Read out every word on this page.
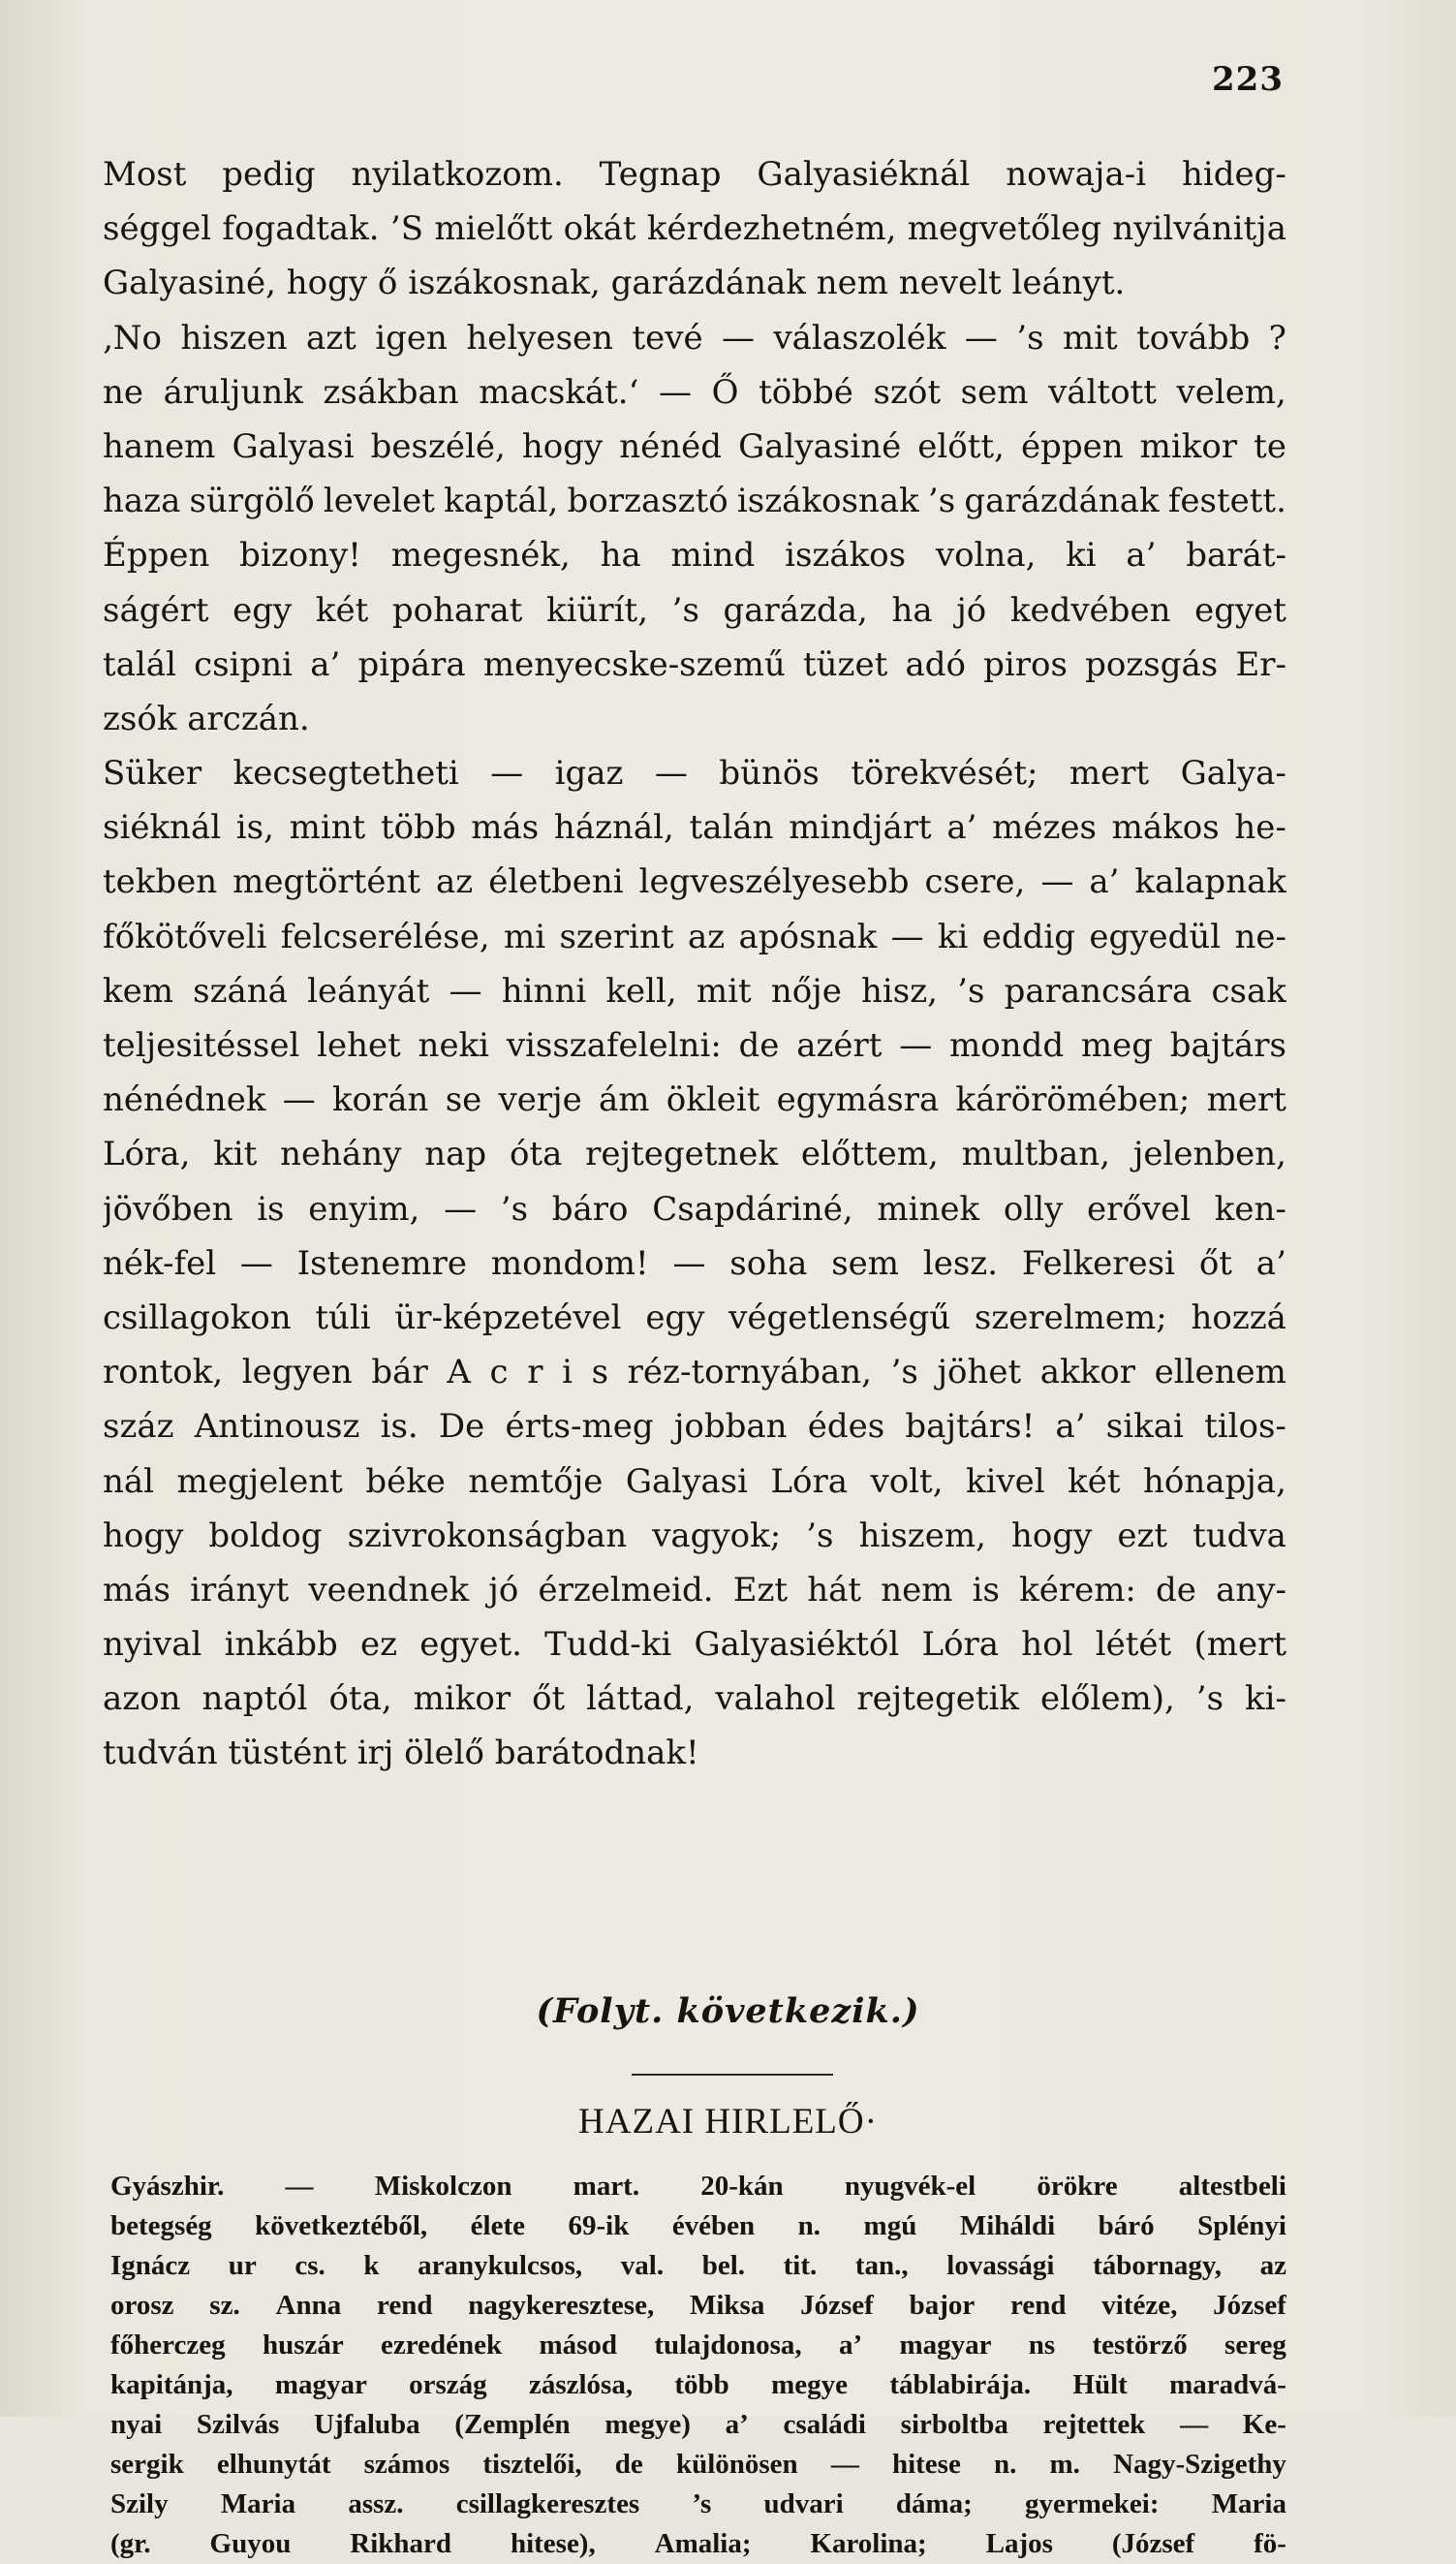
223
Most pedig nyilatkozom. Tegnap Galyasiéknál nowaja-i hideg-
séggel fogadtak. ’S mielőtt okát kérdezhetném, megvetőleg nyilvánitja
Galyasiné, hogy ő iszákosnak, garázdának nem nevelt leányt.
‚No hiszen azt igen helyesen tevé — válaszolék — ’s mit tovább ?
ne áruljunk zsákban macskát.‘ — Ő többé szót sem váltott velem,
hanem Galyasi beszélé, hogy nénéd Galyasiné előtt, éppen mikor te
haza sürgölő levelet kaptál, borzasztó iszákosnak ’s garázdának festett.
Éppen bizony! megesnék, ha mind iszákos volna, ki a’ barát-
ságért egy két poharat kiürít, ’s garázda, ha jó kedvében egyet
talál csipni a’ pipára menyecske-szemű tüzet adó piros pozsgás Er-
zsók arczán.
Süker kecsegtetheti — igaz — bünös törekvését; mert Galya-
siéknál is, mint több más háznál, talán mindjárt a’ mézes mákos he-
tekben megtörtént az életbeni legveszélyesebb csere, — a’ kalapnak
főkötőveli felcserélése, mi szerint az apósnak — ki eddig egyedül ne-
kem száná leányát — hinni kell, mit nője hisz, ’s parancsára csak
teljesitéssel lehet neki visszafelelni: de azért — mondd meg bajtárs
nénédnek — korán se verje ám ökleit egymásra kárörömében; mert
Lóra, kit nehány nap óta rejtegetnek előttem, multban, jelenben,
jövőben is enyim, — ’s báro Csapdáriné, minek olly erővel ken-
nék-fel — Istenemre mondom! — soha sem lesz. Felkeresi őt a’
csillagokon túli ür-képzetével egy végetlenségű szerelmem; hozzá
rontok, legyen bár A c r i s réz-tornyában, ’s jöhet akkor ellenem
száz Antinousz is. De érts-meg jobban édes bajtárs! a’ sikai tilos-
nál megjelent béke nemtője Galyasi Lóra volt, kivel két hónapja,
hogy boldog szivrokonságban vagyok; ’s hiszem, hogy ezt tudva
más irányt veendnek jó érzelmeid. Ezt hát nem is kérem: de any-
nyival inkább ez egyet. Tudd-ki Galyasiéktól Lóra hol létét (mert
azon naptól óta, mikor őt láttad, valahol rejtegetik előlem), ’s ki-
tudván tüstént irj ölelő barátodnak!
(Folyt. következik.)
HAZAI HIRLELŐ·
Gyászhir. — Miskolczon mart. 20-kán nyugvék-el örökre altestbeli
betegség következtéből, élete 69-ik évében n. mgú Miháldi báró Splényi
Ignácz ur cs. k aranykulcsos, val. bel. tit. tan., lovassági tábornagy, az
orosz sz. Anna rend nagykeresztese, Miksa József bajor rend vitéze, József
főherczeg huszár ezredének másod tulajdonosa, a’ magyar ns testörző sereg
kapitánja, magyar ország zászlósa, több megye táblabirája. Hült maradvá-
nyai Szilvás Ujfaluba (Zemplén megye) a’ családi sirboltba rejtettek — Ke-
sergik elhunytát számos tisztelői, de különösen — hitese n. m. Nagy-Szigethy
Szily Maria assz. csillagkeresztes ’s udvari dáma; gyermekei: Maria
(gr. Guyou Rikhard hitese), Amalia; Karolina; Lajos (József fö-
